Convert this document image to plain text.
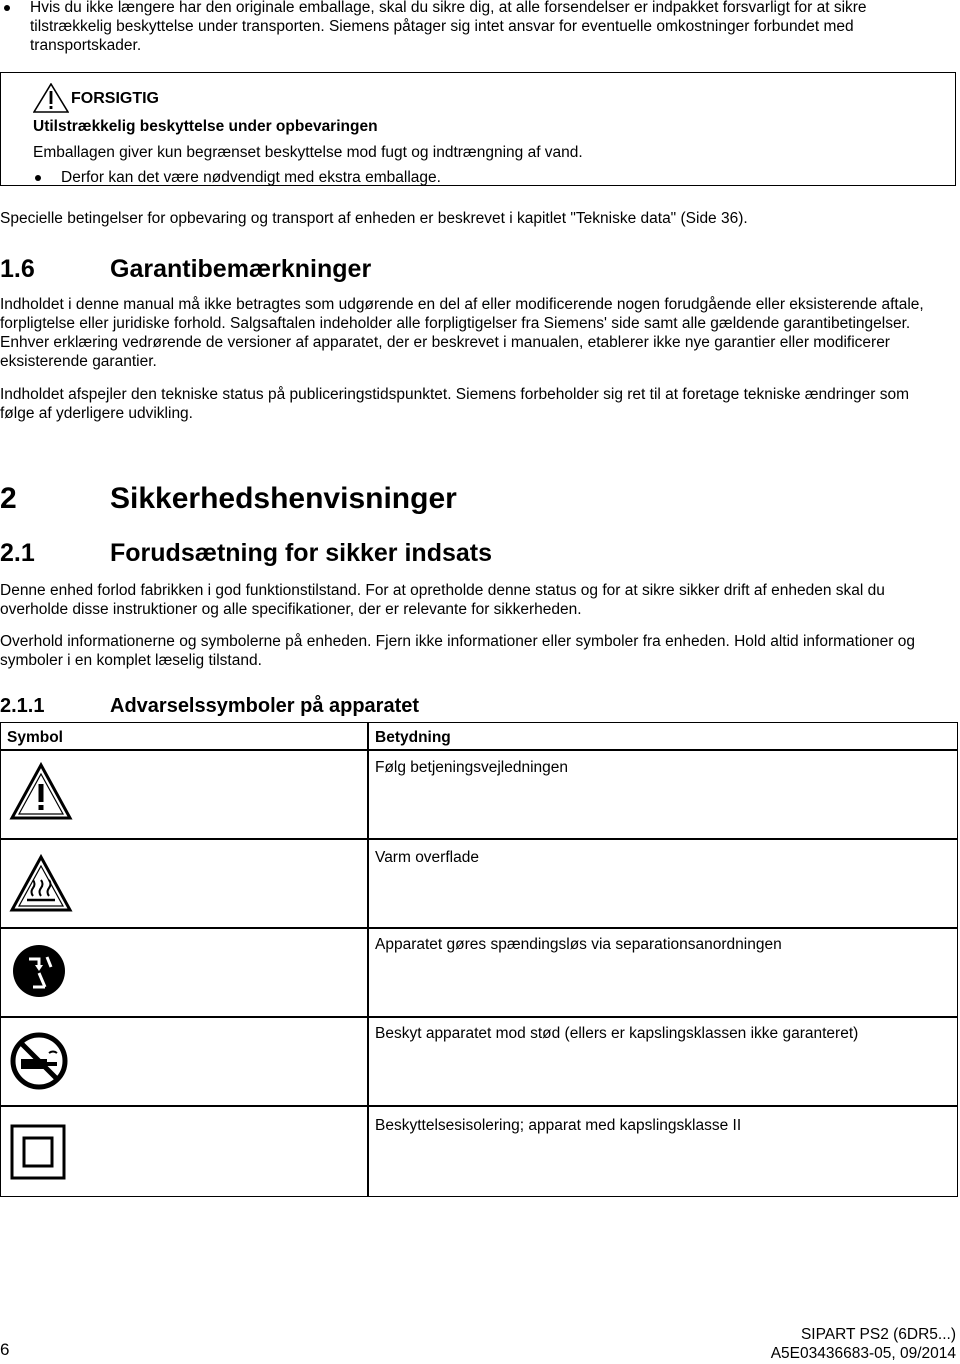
Hvis du ikke længere har den originale emballage, skal du sikre dig, at alle forsendelser er indpakket forsvarligt for at sikre tilstrækkelig beskyttelse under transporten. Siemens påtager sig intet ansvar for eventuelle omkostninger forbundet med transportskader.
FORSIGTIG
Utilstrækkelig beskyttelse under opbevaringen
Emballagen giver kun begrænset beskyttelse mod fugt og indtrængning af vand.
Derfor kan det være nødvendigt med ekstra emballage.
Specielle betingelser for opbevaring og transport af enheden er beskrevet i kapitlet "Tekniske data" (Side 36).
1.6	Garantibemærkninger
Indholdet i denne manual må ikke betragtes som udgørende en del af eller modificerende nogen forudgående eller eksisterende aftale, forpligtelse eller juridiske forhold. Salgsaftalen indeholder alle forpligtigelser fra Siemens' side samt alle gældende garantibetingelser. Enhver erklæring vedrørende de versioner af apparatet, der er beskrevet i manualen, etablerer ikke nye garantier eller modificerer eksisterende garantier.
Indholdet afspejler den tekniske status på publiceringstidspunktet. Siemens forbeholder sig ret til at foretage tekniske ændringer som følge af yderligere udvikling.
2	Sikkerhedshenvisninger
2.1	Forudsætning for sikker indsats
Denne enhed forlod fabrikken i god funktionstilstand. For at opretholde denne status og for at sikre sikker drift af enheden skal du overholde disse instruktioner og alle specifikationer, der er relevante for sikkerheden.
Overhold informationerne og symbolerne på enheden. Fjern ikke informationer eller symboler fra enheden. Hold altid informationer og symboler i en komplet læselig tilstand.
2.1.1	Advarselssymboler på apparatet
Symbol	Betydning
Følg betjeningsvejledningen
Varm overflade
Apparatet gøres spændingsløs via separationsanordningen
Beskyt apparatet mod stød (ellers er kapslingsklassen ikke garanteret)
Beskyttelsesisolering; apparat med kapslingsklasse II
6
SIPART PS2 (6DR5...)
A5E03436683-05, 09/2014
